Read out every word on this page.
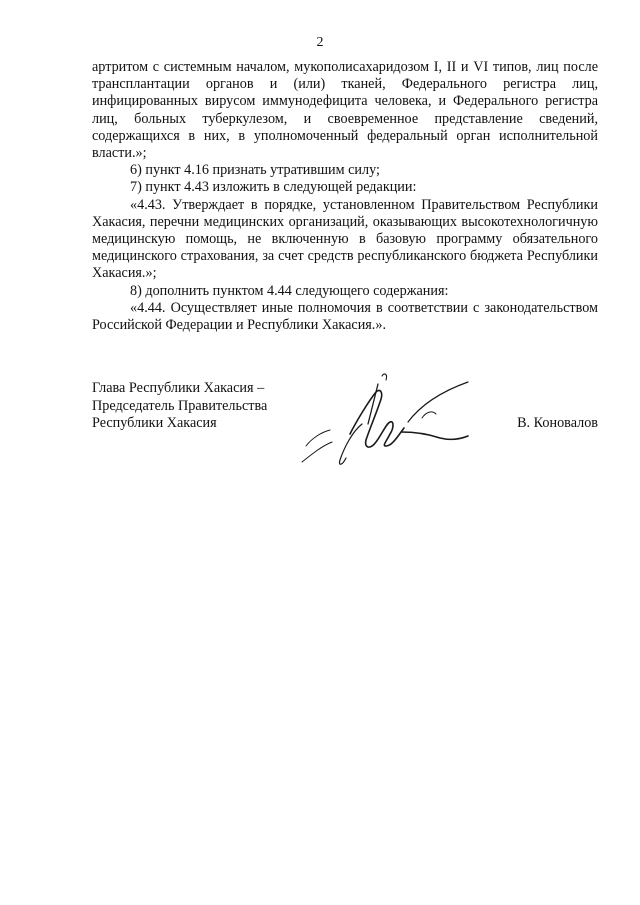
2

артритом с системным началом, мукополисахаридозом I, II и VI типов, лиц после трансплантации органов и (или) тканей, Федерального регистра лиц, инфицированных вирусом иммунодефицита человека, и Федерального регистра лиц, больных туберкулезом, и своевременное представление сведений, содержащихся в них, в уполномоченный федеральный орган исполнительной власти.»;

6) пункт 4.16 признать утратившим силу;

7) пункт 4.43 изложить в следующей редакции:

«4.43. Утверждает в порядке, установленном Правительством Республики Хакасия, перечни медицинских организаций, оказывающих высокотехнологичную медицинскую помощь, не включенную в базовую программу обязательного медицинского страхования, за счет средств республиканского бюджета Республики Хакасия.»;

8) дополнить пунктом 4.44 следующего содержания:

«4.44. Осуществляет иные полномочия в соответствии с законодательством Российской Федерации и Республики Хакасия.».

Глава Республики Хакасия –
Председатель Правительства
Республики Хакасия	В. Коновалов
